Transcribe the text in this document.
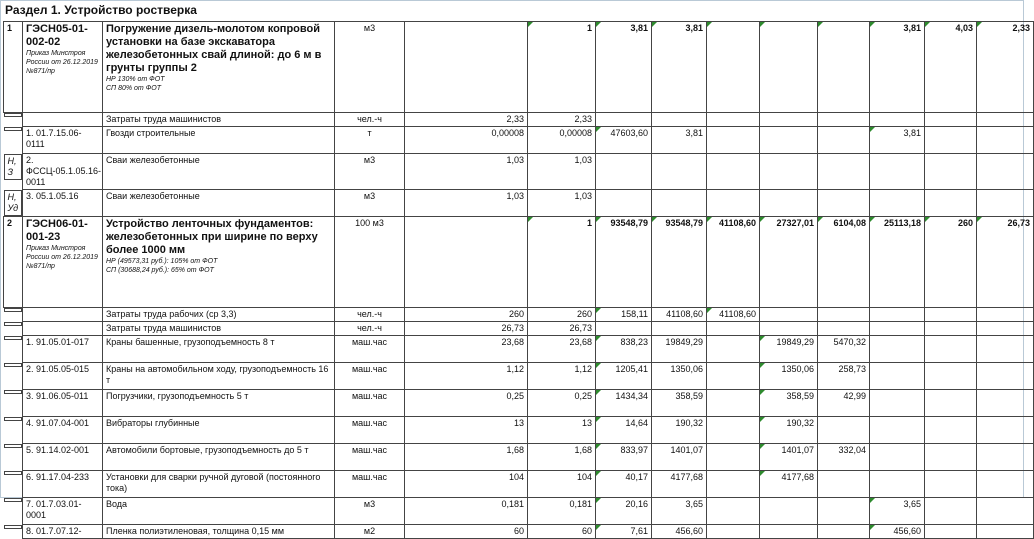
Раздел 1. Устройство ростверка
1	ГЭСН05-01-002-02
Приказ Минстроя России от 26.12.2019 №871/пр	Погружение дизель-молотом копровой установки на базе экскаватора железобетонных свай длиной: до 6 м в грунты группы 2
НР 130% от ФОТ
СП 80% от ФОТ	м3		1	3,81	3,81				3,81	4,03	2,33

	Затраты труда машинистов	чел.-ч	2,33	2,33								

1. 01.7.15.06-0111	Гвозди строительные	т	0,00008	0,00008	47603,60	3,81				3,81		

Н, З
2. ФССЦ-05.1.05.16-0011	Сваи железобетонные	м3	1,03	1,03								

Н, Уд
3. 05.1.05.16	Сваи железобетонные	м3	1,03	1,03								
2	ГЭСН06-01-001-23
Приказ Минстроя России от 26.12.2019 №871/пр	Устройство ленточных фундаментов: железобетонных при ширине по верху более 1000 мм
НР (49573,31 руб.): 105% от ФОТ
СП (30688,24 руб.): 65% от ФОТ	100 м3		1	93548,79	93548,79	41108,60	27327,01	6104,08	25113,18	260	26,73

	Затраты труда рабочих (ср 3,3)	чел.-ч	260	260	158,11	41108,60	41108,60					

	Затраты труда машинистов	чел.-ч	26,73	26,73								

1. 91.05.01-017	Краны башенные, грузоподъемность 8 т	маш.час	23,68	23,68	838,23	19849,29		19849,29	5470,32			

2. 91.05.05-015	Краны на автомобильном ходу, грузоподъемность 16 т	маш.час	1,12	1,12	1205,41	1350,06		1350,06	258,73			

3. 91.06.05-011	Погрузчики, грузоподъемность 5 т	маш.час	0,25	0,25	1434,34	358,59		358,59	42,99			

4. 91.07.04-001	Вибраторы глубинные	маш.час	13	13	14,64	190,32		190,32				

5. 91.14.02-001	Автомобили бортовые, грузоподъемность до 5 т	маш.час	1,68	1,68	833,97	1401,07		1401,07	332,04			

6. 91.17.04-233	Установки для сварки ручной дуговой (постоянного тока)	маш.час	104	104	40,17	4177,68		4177,68				

7. 01.7.03.01-0001	Вода	м3	0,181	0,181	20,16	3,65				3,65		

8. 01.7.07.12-	Пленка полиэтиленовая, толщина 0,15 мм	м2	60	60	7,61	456,60				456,60		
